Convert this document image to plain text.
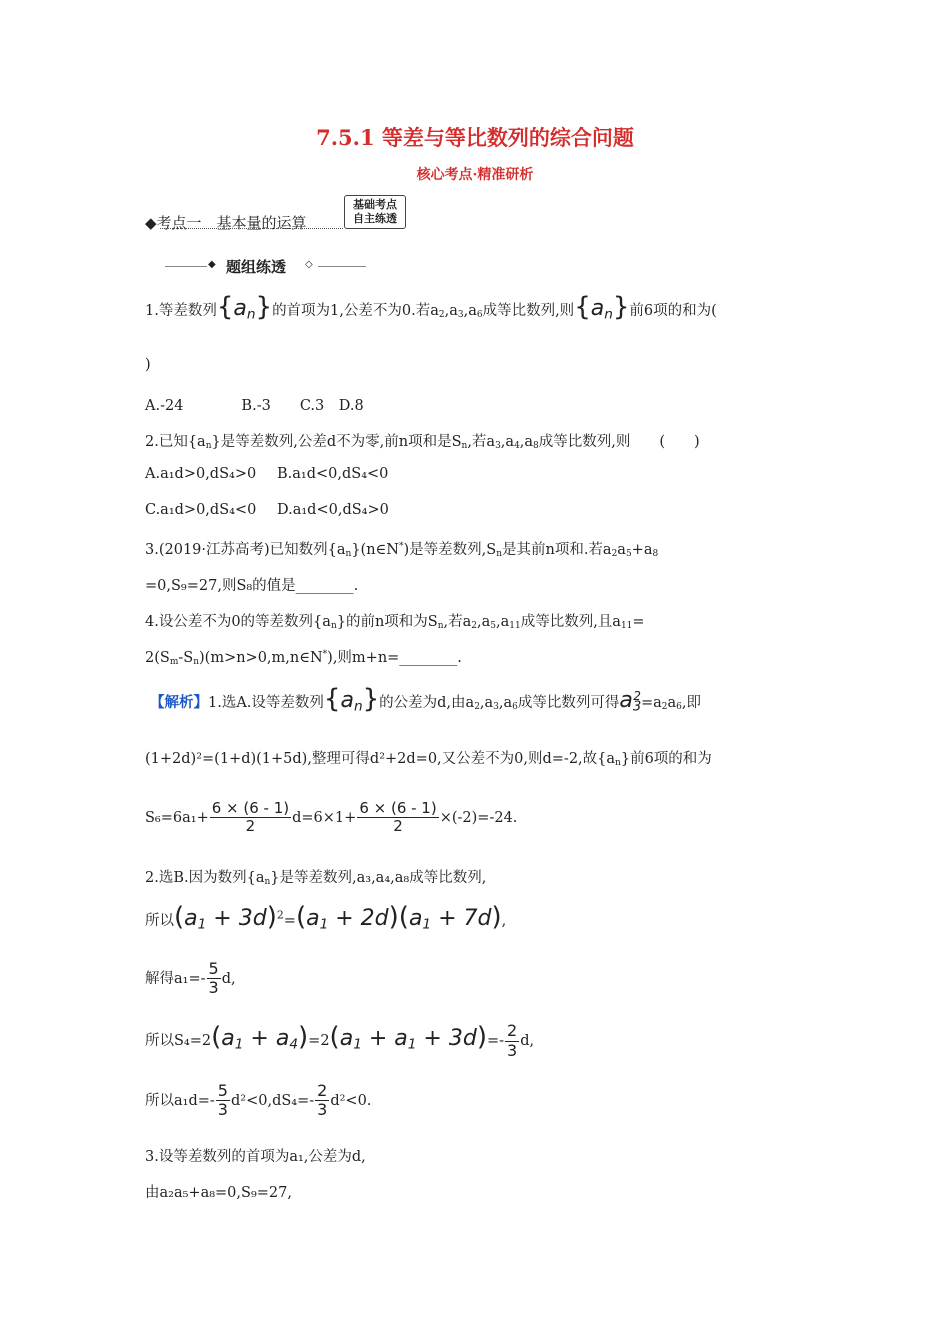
7.5.1 等差与等比数列的综合问题
核心考点·精准研析
◆考点一　基本量的运算
基础考点
自主练透
◆ 题组练透 ◇
1.等差数列$\{a_n\}$的首项为1,公差不为0.若$a_2,a_3,a_6$成等比数列,则$\{a_n\}$前6项的和为(
)
A.-24　　　　B.-3　　C.3　D.8
2.已知$\{a_n\}$是等差数列,公差d不为零,前n项和是$S_n$,若$a_3,a_4,a_8$成等比数列,则　　(　　)
A.a₁d>0,dS₄>0 B.a₁d<0,dS₄<0
C.a₁d>0,dS₄<0 D.a₁d<0,dS₄>0
3.(2019·江苏高考)已知数列$\{a_n\}(n\in N^*)$是等差数列$,S_n$是其前n项和.若$a_2a_5+a_8$
=0,S₉=27,则S₈的值是________.
4.设公差不为0的等差数列$\{a_n\}$的前n项和为$S_n$,若$a_2,a_5,a_{11}$成等比数列,且$a_{11}=$
$2(S_m-S_n)(m>n>0,m,n\in N^*)$,则m+n=________.
【解析】1.选A.设等差数列$\{a_n\}$的公差为d,由$a_2,a_3,a_6$成等比数列可得$a_3^2=a_2a_6$,即
(1+2d)²=(1+d)(1+5d),整理可得d²+2d=0,又公差不为0,则d=-2,故$\{a_n\}$前6项的和为
$S_6=6a_1+ \frac{6 \times (6 - 1)}{2} d=6\times 1+ \frac{6 \times (6 - 1)}{2} \times(-2)=-24$.
2.选B.因为数列$\{a_n\}$是等差数列,a₃,a₄,a₈成等比数列,
所以$(a_1 + 3d)^2=(a_1 + 2d)(a_1 + 7d)$,
解得$a_1=- \frac{5}{3} d$,
所以$S_4=2(a_1 + a_4)=2(a_1 + a_1 + 3d)=- \frac{2}{3} d$,
所以$a_1d=- \frac{5}{3} d^2<0,dS_4=- \frac{2}{3} d^2<0$.
3.设等差数列的首项为a₁,公差为d,
由a₂a₅+a₈=0,S₉=27,
